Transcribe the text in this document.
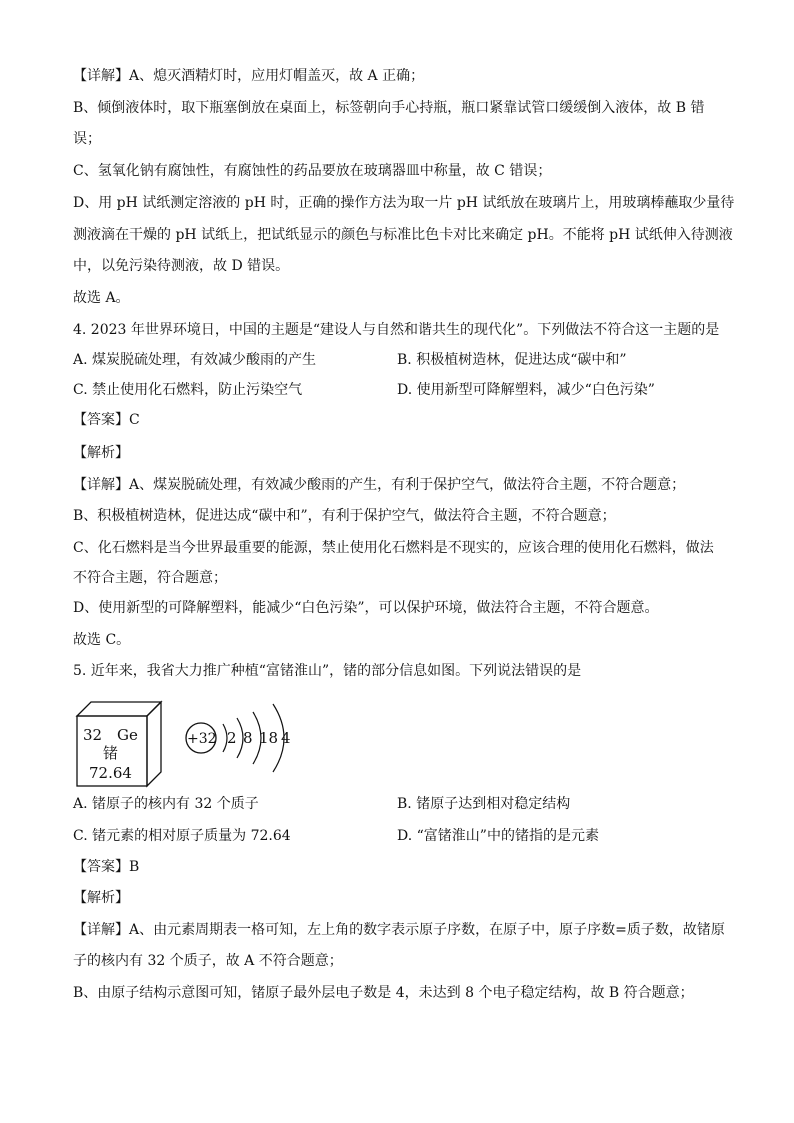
【详解】A、熄灭酒精灯时，应用灯帽盖灭，故 A 正确；
B、倾倒液体时，取下瓶塞倒放在桌面上，标签朝向手心持瓶，瓶口紧靠试管口缓缓倒入液体，故 B 错
误；
C、氢氧化钠有腐蚀性，有腐蚀性的药品要放在玻璃器皿中称量，故 C 错误；
D、用 pH 试纸测定溶液的 pH 时，正确的操作方法为取一片 pH 试纸放在玻璃片上，用玻璃棒蘸取少量待
测液滴在干燥的 pH 试纸上，把试纸显示的颜色与标准比色卡对比来确定 pH。不能将 pH 试纸伸入待测液
中，以免污染待测液，故 D 错误。
故选 A。
4. 2023 年世界环境日，中国的主题是“建设人与自然和谐共生的现代化”。下列做法不符合这一主题的是
A. 煤炭脱硫处理，有效减少酸雨的产生	B. 积极植树造林，促进达成“碳中和”
C. 禁止使用化石燃料，防止污染空气	D. 使用新型可降解塑料，减少“白色污染”
【答案】C
【解析】
【详解】A、煤炭脱硫处理，有效减少酸雨的产生，有利于保护空气，做法符合主题，不符合题意；
B、积极植树造林，促进达成“碳中和”，有利于保护空气，做法符合主题，不符合题意；
C、化石燃料是当今世界最重要的能源，禁止使用化石燃料是不现实的，应该合理的使用化石燃料，做法
不符合主题，符合题意；
D、使用新型的可降解塑料，能减少“白色污染”，可以保护环境，做法符合主题，不符合题意。
故选 C。
5. 近年来，我省大力推广种植“富锗淮山”，锗的部分信息如图。下列说法错误的是
32 Ge
锗
72.64
+32 2 8 18 4
A. 锗原子的核内有 32 个质子	B. 锗原子达到相对稳定结构
C. 锗元素的相对原子质量为 72.64	D. “富锗淮山”中的锗指的是元素
【答案】B
【解析】
【详解】A、由元素周期表一格可知，左上角的数字表示原子序数，在原子中，原子序数=质子数，故锗原
子的核内有 32 个质子，故 A 不符合题意；
B、由原子结构示意图可知，锗原子最外层电子数是 4，未达到 8 个电子稳定结构，故 B 符合题意；
